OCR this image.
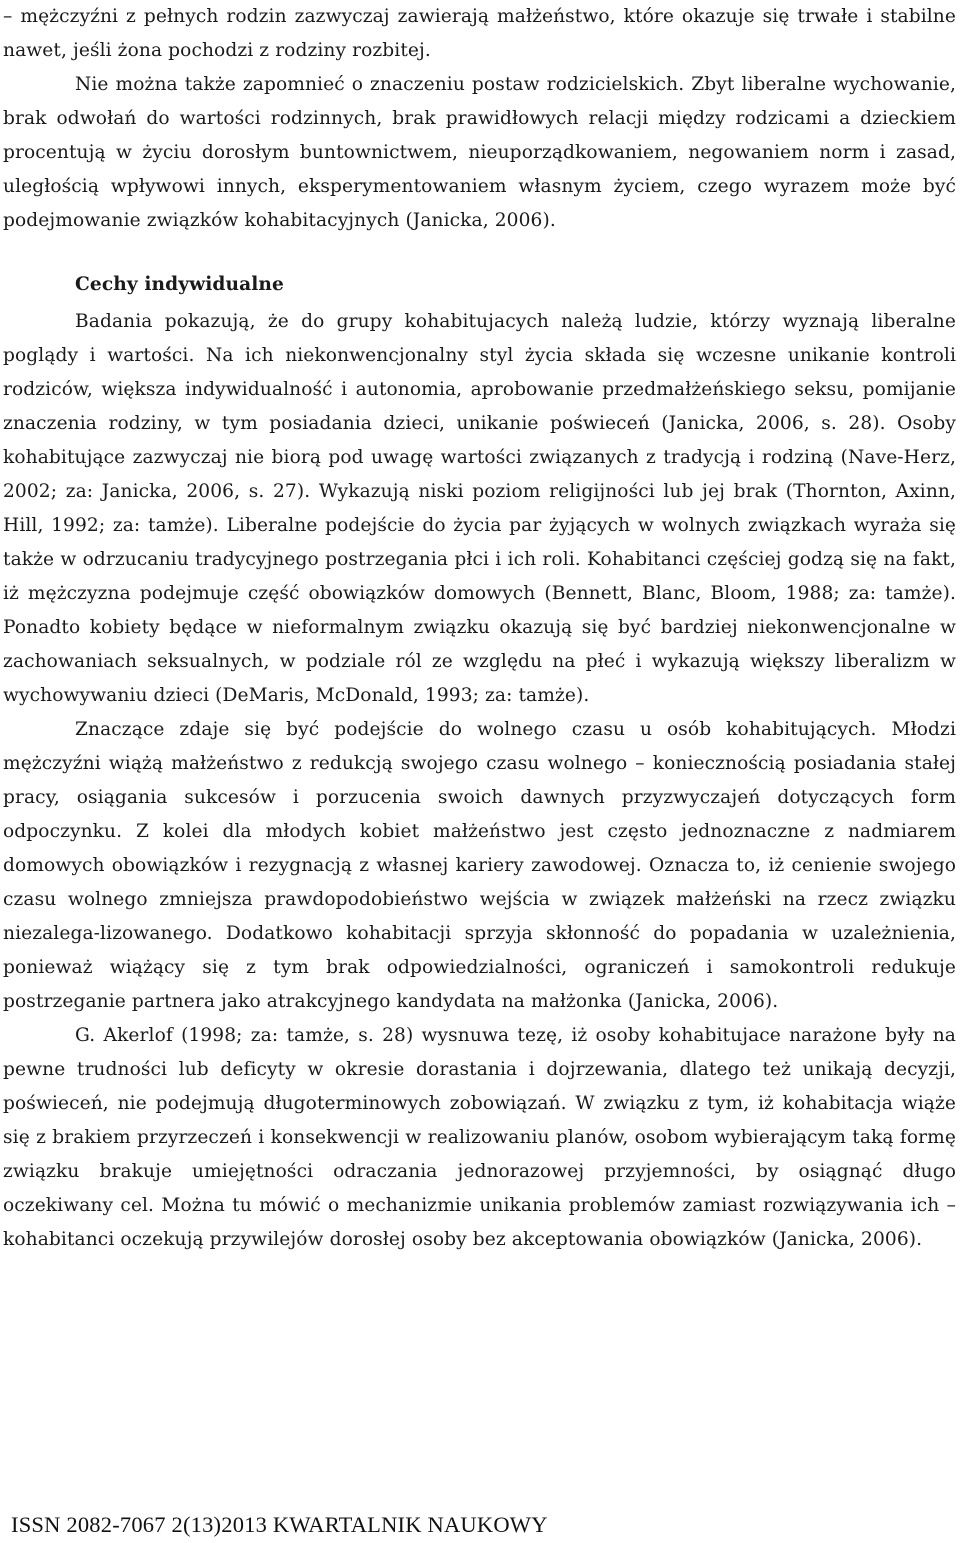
– mężczyźni z pełnych rodzin zazwyczaj zawierają małżeństwo, które okazuje się trwałe i stabilne nawet, jeśli żona pochodzi z rodziny rozbitej.

Nie można także zapomnieć o znaczeniu postaw rodzicielskich. Zbyt liberalne wychowanie, brak odwołań do wartości rodzinnych, brak prawidłowych relacji między rodzicami a dzieckiem procentują w życiu dorosłym buntownictwem, nieuporządkowaniem, negowaniem norm i zasad, uległością wpływowi innych, eksperymentowaniem własnym życiem, czego wyrazem może być podejmowanie związków kohabitacyjnych (Janicka, 2006).

Cechy indywidualne

Badania pokazują, że do grupy kohabitujacych należą ludzie, którzy wyznają liberalne poglądy i wartości. Na ich niekonwencjonalny styl życia składa się wczesne unikanie kontroli rodziców, większa indywidualność i autonomia, aprobowanie przedmałżeńskiego seksu, pomijanie znaczenia rodziny, w tym posiadania dzieci, unikanie poświeceń (Janicka, 2006, s. 28). Osoby kohabitujące zazwyczaj nie biorą pod uwagę wartości związanych z tradycją i rodziną (Nave-Herz, 2002; za: Janicka, 2006, s. 27). Wykazują niski poziom religijności lub jej brak (Thornton, Axinn, Hill, 1992; za: tamże). Liberalne podejście do życia par żyjących w wolnych związkach wyraża się także w odrzucaniu tradycyjnego postrzegania płci i ich roli. Kohabitanci częściej godzą się na fakt, iż mężczyzna podejmuje część obowiązków domowych (Bennett, Blanc, Bloom, 1988; za: tamże). Ponadto kobiety będące w nieformalnym związku okazują się być bardziej niekonwencjonalne w zachowaniach seksualnych, w podziale ról ze względu na płeć i wykazują większy liberalizm w wychowywaniu dzieci (DeMaris, McDonald, 1993; za: tamże).

Znaczące zdaje się być podejście do wolnego czasu u osób kohabitujących. Młodzi mężczyźni wiążą małżeństwo z redukcją swojego czasu wolnego – koniecznością posiadania stałej pracy, osiągania sukcesów i porzucenia swoich dawnych przyzwyczajeń dotyczących form odpoczynku. Z kolei dla młodych kobiet małżeństwo jest często jednoznaczne z nadmiarem domowych obowiązków i rezygnacją z własnej kariery zawodowej. Oznacza to, iż cenienie swojego czasu wolnego zmniejsza prawdopodobieństwo wejścia w związek małżeński na rzecz związku niezalega-lizowanego. Dodatkowo kohabitacji sprzyja skłonność do popadania w uzależnienia, ponieważ wiążący się z tym brak odpowiedzialności, ograniczeń i samokontroli redukuje postrzeganie partnera jako atrakcyjnego kandydata na małżonka (Janicka, 2006).

G. Akerlof (1998; za: tamże, s. 28) wysnuwa tezę, iż osoby kohabitujace narażone były na pewne trudności lub deficyty w okresie dorastania i dojrzewania, dlatego też unikają decyzji, poświeceń, nie podejmują długoterminowych zobowiązań. W związku z tym, iż kohabitacja wiąże się z brakiem przyrzeczeń i konsekwencji w realizowaniu planów, osobom wybierającym taką formę związku brakuje umiejętności odraczania jednorazowej przyjemności, by osiągnąć długo oczekiwany cel. Można tu mówić o mechanizmie unikania problemów zamiast rozwiązywania ich – kohabitanci oczekują przywilejów dorosłej osoby bez akceptowania obowiązków (Janicka, 2006).

ISSN 2082-7067 2(13)2013 KWARTALNIK NAUKOWY
